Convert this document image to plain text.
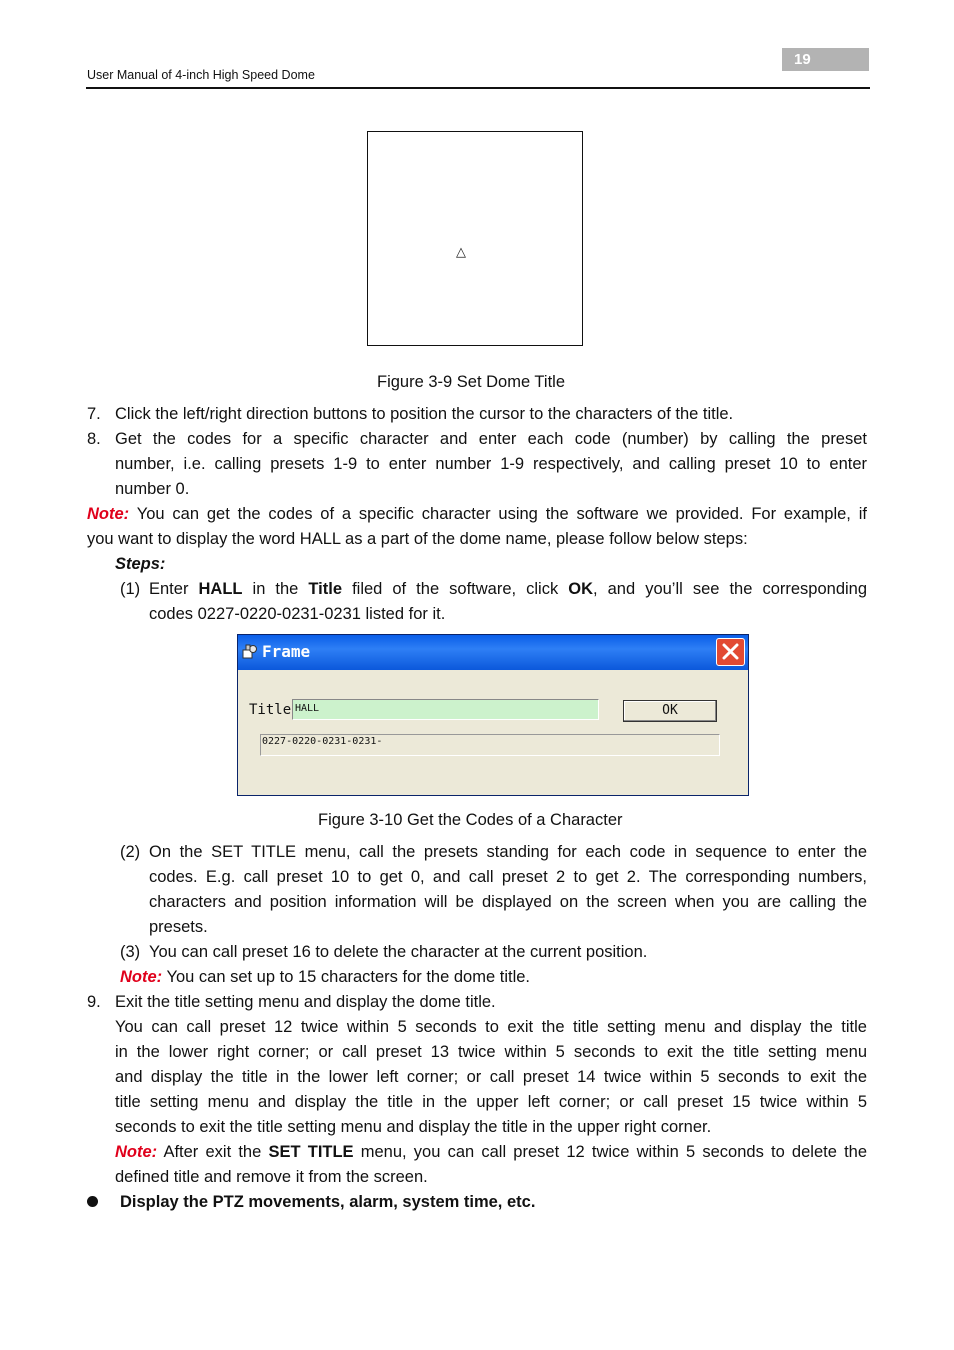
19
User Manual of 4-inch High Speed Dome
△
Figure 3-9 Set Dome Title
7. Click the left/right direction buttons to position the cursor to the characters of the title.
8. Get the codes for a specific character and enter each code (number) by calling the preset
number, i.e. calling presets 1-9 to enter number 1-9 respectively, and calling preset 10 to enter
number 0.
Note: You can get the codes of a specific character using the software we provided. For example, if
you want to display the word HALL as a part of the dome name, please follow below steps:
Steps:
(1) Enter HALL in the Title filed of the software, click OK, and you’ll see the corresponding
codes 0227-0220-0231-0231 listed for it.
Frame
Title HALL	OK
0227-0220-0231-0231-
Figure 3-10 Get the Codes of a Character
(2) On the SET TITLE menu, call the presets standing for each code in sequence to enter the
codes. E.g. call preset 10 to get 0, and call preset 2 to get 2. The corresponding numbers,
characters and position information will be displayed on the screen when you are calling the
presets.
(3) You can call preset 16 to delete the character at the current position.
Note: You can set up to 15 characters for the dome title.
9. Exit the title setting menu and display the dome title.
You can call preset 12 twice within 5 seconds to exit the title setting menu and display the title
in the lower right corner; or call preset 13 twice within 5 seconds to exit the title setting menu
and display the title in the lower left corner; or call preset 14 twice within 5 seconds to exit the
title setting menu and display the title in the upper left corner; or call preset 15 twice within 5
seconds to exit the title setting menu and display the title in the upper right corner.
Note: After exit the SET TITLE menu, you can call preset 12 twice within 5 seconds to delete the
defined title and remove it from the screen.
Display the PTZ movements, alarm, system time, etc.
